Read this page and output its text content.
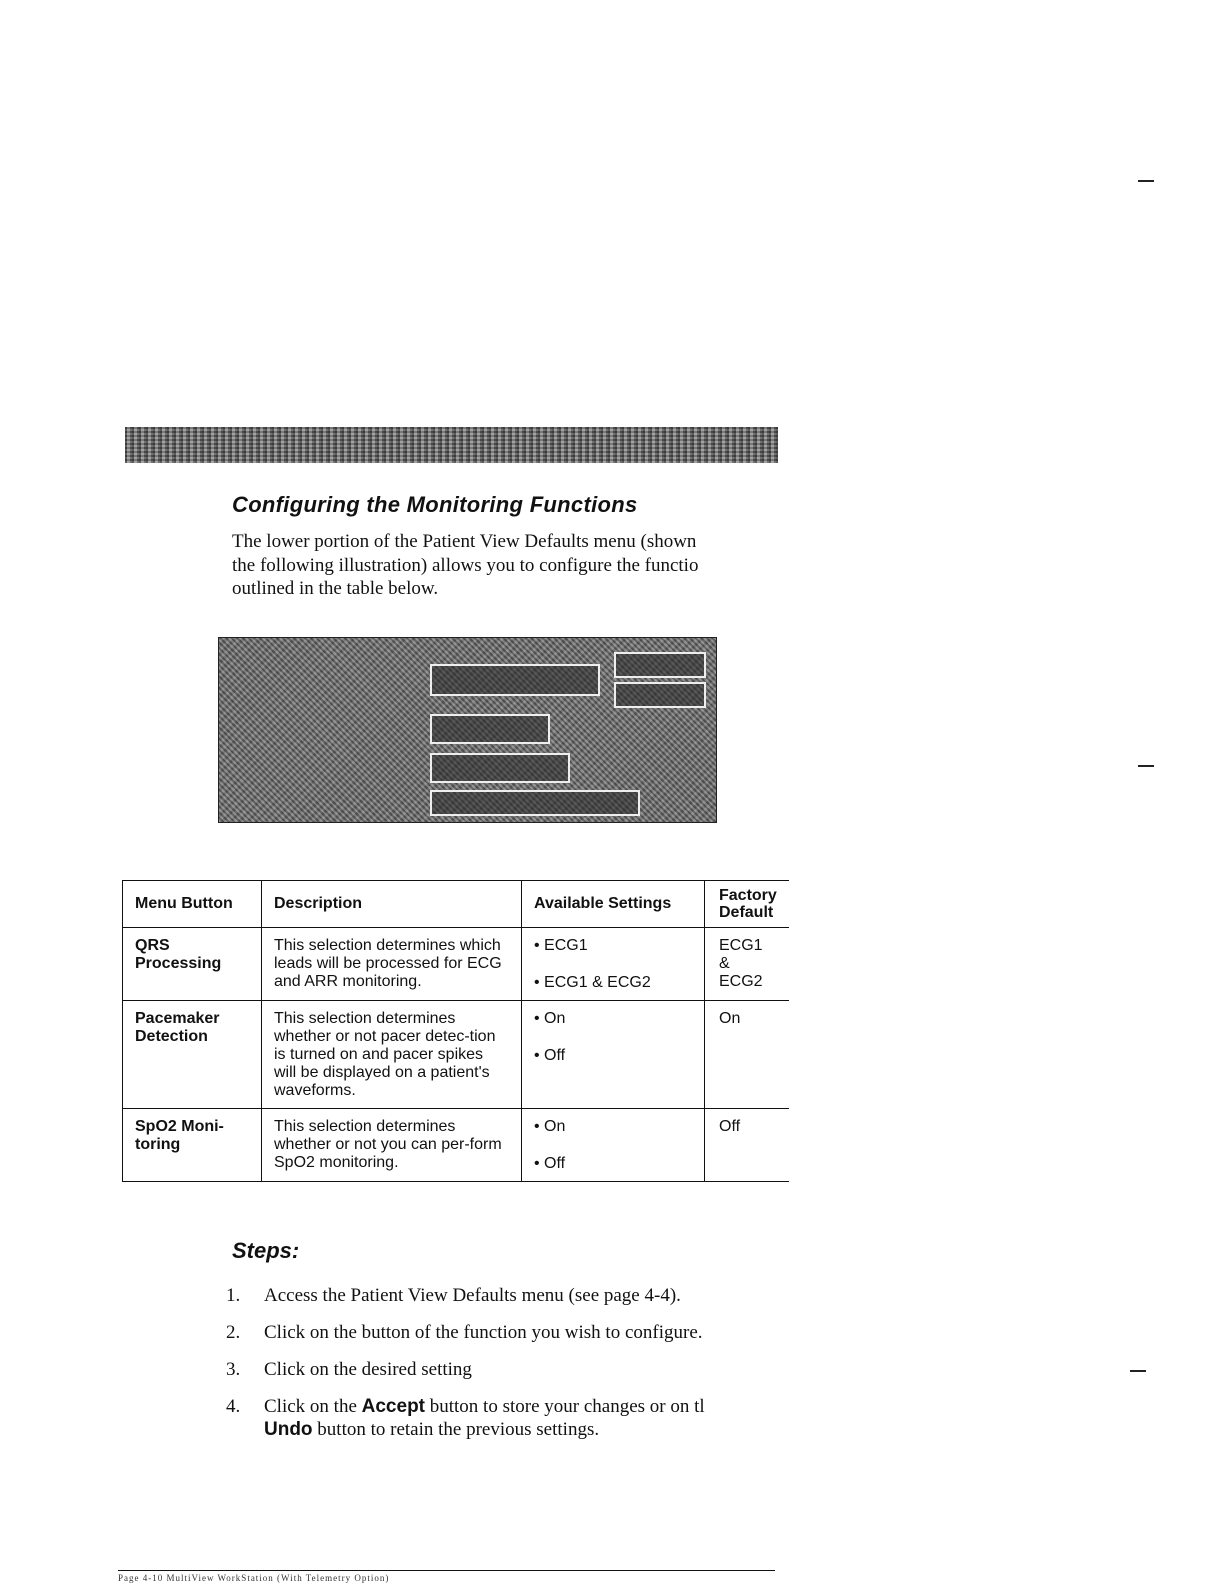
Configuring the Monitoring Functions
The lower portion of the Patient View Defaults menu (shown
the following illustration) allows you to configure the functio
outlined in the table below.
Menu Button	Description	Available Settings	Factory Default

QRS Processing	This selection determines which leads will be processed for ECG and ARR monitoring.	• ECG1
• ECG1 & ECG2	ECG1 & ECG2

Pacemaker Detection	This selection determines whether or not pacer detec-tion is turned on and pacer spikes will be displayed on a patient's waveforms.	• On
• Off	On

SpO2 Moni-toring	This selection determines whether or not you can per-form SpO2 monitoring.	• On
• Off	Off
Steps:
1. Access the Patient View Defaults menu (see page 4-4).
2. Click on the button of the function you wish to configure.
3. Click on the desired setting
4. Click on the Accept button to store your changes or on tl
Undo button to retain the previous settings.
Page 4-10 MultiView WorkStation (With Telemetry Option)
